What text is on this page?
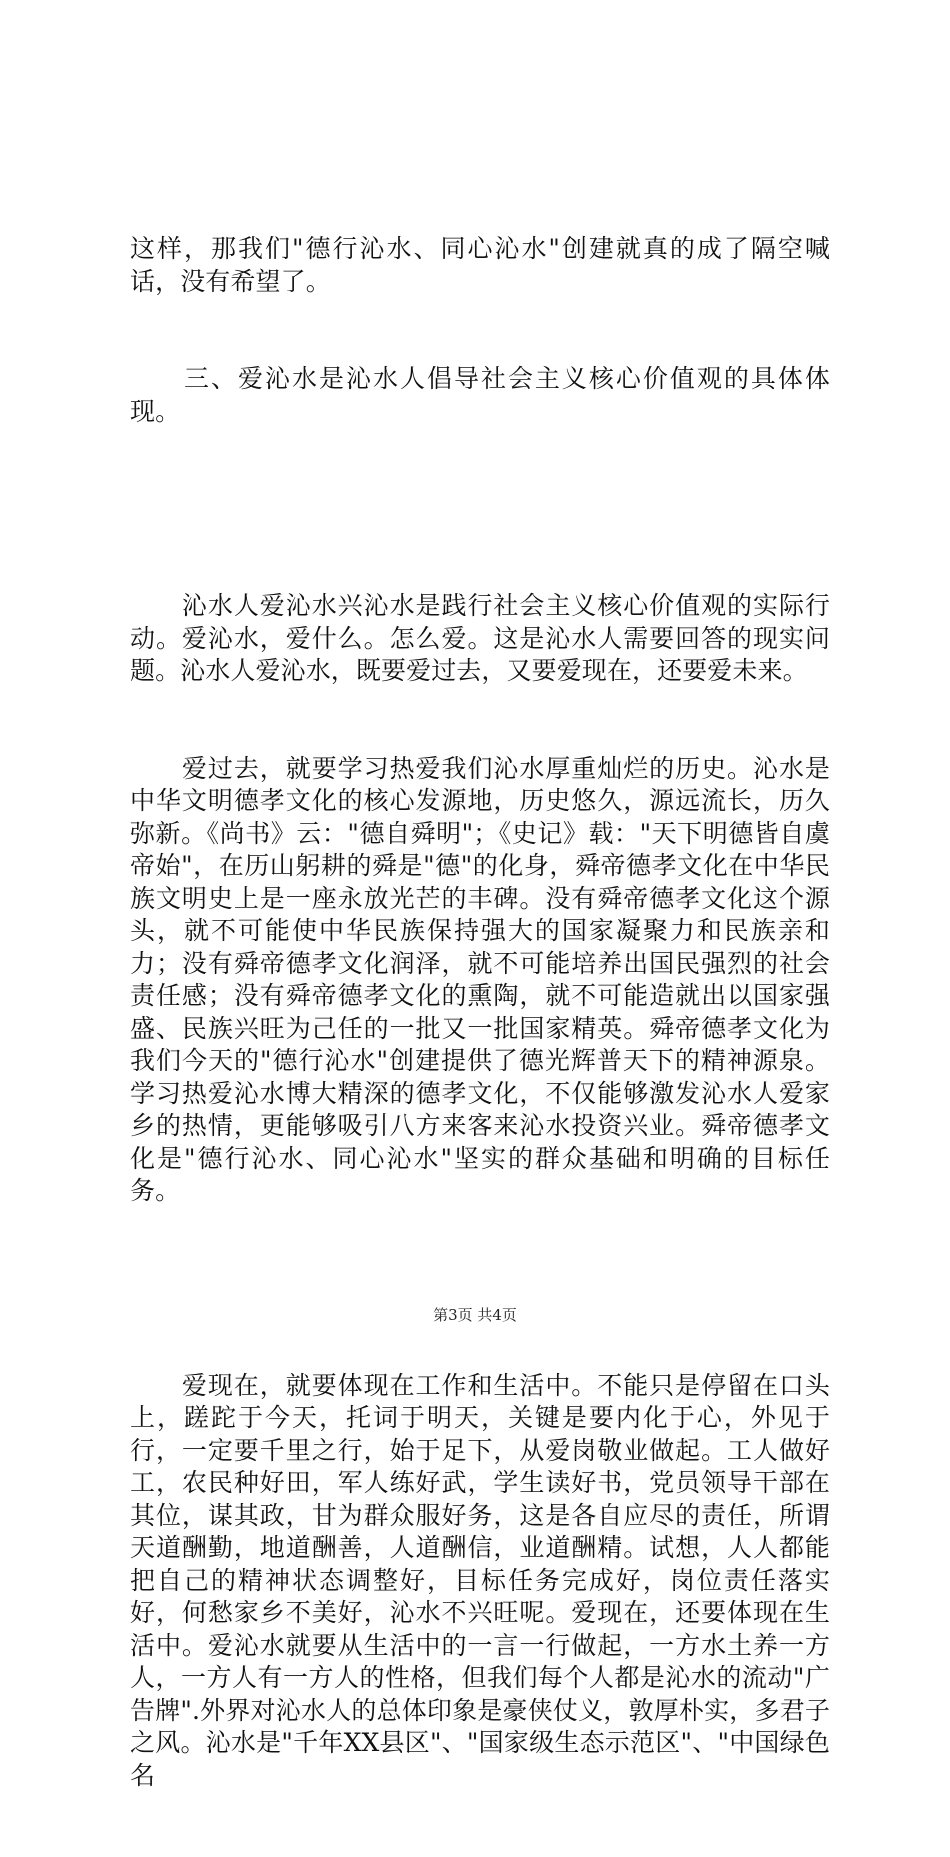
这样，那我们"德行沁水、同心沁水"创建就真的成了隔空喊话，没有希望了。

　　三、爱沁水是沁水人倡导社会主义核心价值观的具体体现。

　　沁水人爱沁水兴沁水是践行社会主义核心价值观的实际行动。爱沁水，爱什么。怎么爱。这是沁水人需要回答的现实问题。沁水人爱沁水，既要爱过去，又要爱现在，还要爱未来。

　　爱过去，就要学习热爱我们沁水厚重灿烂的历史。沁水是中华文明德孝文化的核心发源地，历史悠久，源远流长，历久弥新。《尚书》云："德自舜明"；《史记》载："天下明德皆自虞帝始"，在历山躬耕的舜是"德"的化身，舜帝德孝文化在中华民族文明史上是一座永放光芒的丰碑。没有舜帝德孝文化这个源头，就不可能使中华民族保持强大的国家凝聚力和民族亲和力；没有舜帝德孝文化润泽，就不可能培养出国民强烈的社会责任感；没有舜帝德孝文化的熏陶，就不可能造就出以国家强盛、民族兴旺为己任的一批又一批国家精英。舜帝德孝文化为我们今天的"德行沁水"创建提供了德光辉普天下的精神源泉。学习热爱沁水博大精深的德孝文化，不仅能够激发沁水人爱家乡的热情，更能够吸引八方来客来沁水投资兴业。舜帝德孝文化是"德行沁水、同心沁水"坚实的群众基础和明确的目标任务。

　　爱现在，就要体现在工作和生活中。不能只是停留在口头上，蹉跎于今天，托词于明天，关键是要内化于心，外见于行，一定要千里之行，始于足下，从爱岗敬业做起。工人做好工，农民种好田，军人练好武，学生读好书，党员领导干部在其位，谋其政，甘为群众服好务，这是各自应尽的责任，所谓天道酬勤，地道酬善，人道酬信，业道酬精。试想，人人都能把自己的精神状态调整好，目标任务完成好，岗位责任落实好，何愁家乡不美好，沁水不兴旺呢。爱现在，还要体现在生活中。爱沁水就要从生活中的一言一行做起，一方水土养一方人，一方人有一方人的性格，但我们每个人都是沁水的流动"广告牌".外界对沁水人的总体印象是豪侠仗义，敦厚朴实，多君子之风。沁水是"千年XX县区"、"国家级生态示范区"、"中国绿色名

第3页 共4页
